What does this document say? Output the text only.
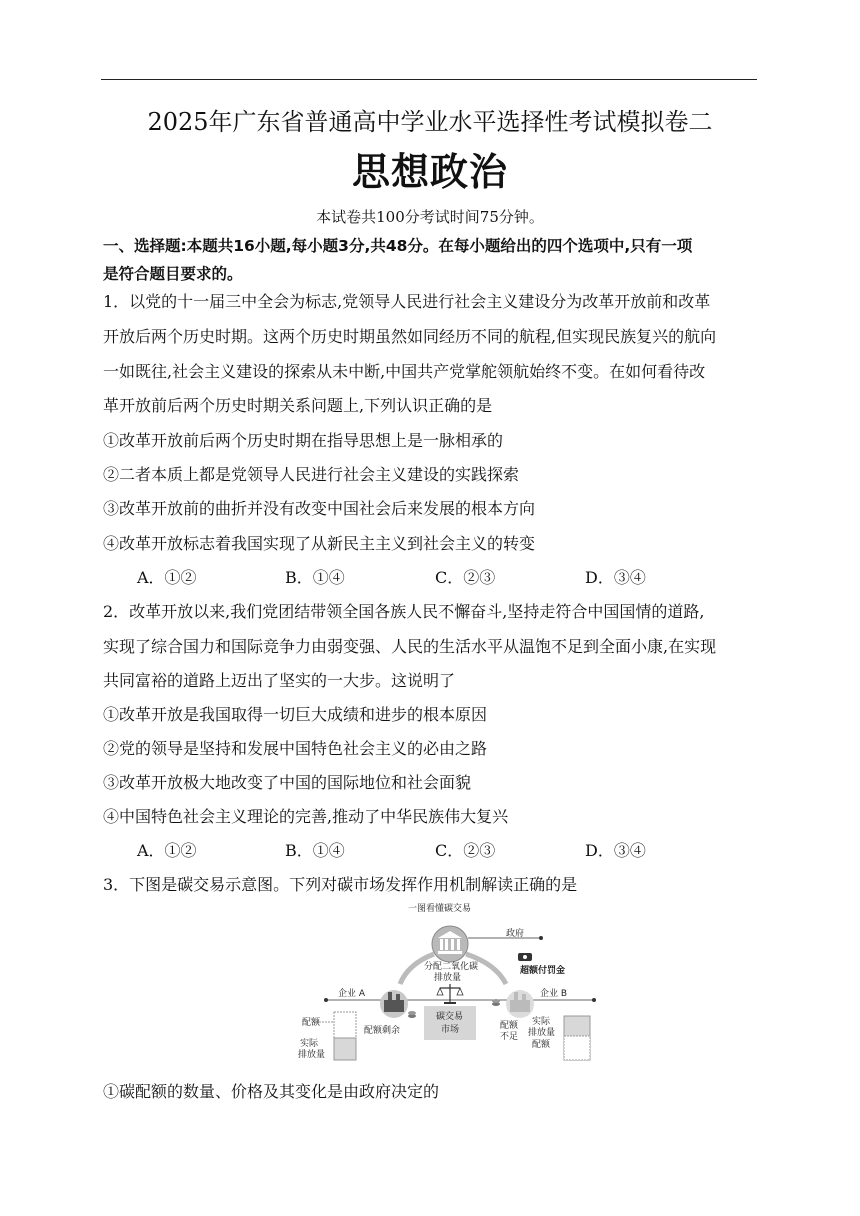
2025年广东省普通高中学业水平选择性考试模拟卷二
思想政治
本试卷共100分考试时间75分钟。
一、选择题:本题共16小题,每小题3分,共48分。在每小题给出的四个选项中,只有一项
是符合题目要求的。
1．以党的十一届三中全会为标志,党领导人民进行社会主义建设分为改革开放前和改革
开放后两个历史时期。这两个历史时期虽然如同经历不同的航程,但实现民族复兴的航向
一如既往,社会主义建设的探索从未中断,中国共产党掌舵领航始终不变。在如何看待改
革开放前后两个历史时期关系问题上,下列认识正确的是
①改革开放前后两个历史时期在指导思想上是一脉相承的
②二者本质上都是党领导人民进行社会主义建设的实践探索
③改革开放前的曲折并没有改变中国社会后来发展的根本方向
④改革开放标志着我国实现了从新民主主义到社会主义的转变
A．①②	B．①④	C．②③	D．③④
2．改革开放以来,我们党团结带领全国各族人民不懈奋斗,坚持走符合中国国情的道路,
实现了综合国力和国际竞争力由弱变强、人民的生活水平从温饱不足到全面小康,在实现
共同富裕的道路上迈出了坚实的一大步。这说明了
①改革开放是我国取得一切巨大成绩和进步的根本原因
②党的领导是坚持和发展中国特色社会主义的必由之路
③改革开放极大地改变了中国的国际地位和社会面貌
④中国特色社会主义理论的完善,推动了中华民族伟大复兴
A．①②	B．①④	C．②③	D．③④
3．下图是碳交易示意图。下列对碳市场发挥作用机制解读正确的是
一图看懂碳交易
政府
分配二氧化碳
排放量
超额付罚金
企业 A	企业 B
配额
实际
排放量
配额剩余
碳交易
市场	配额
不足
实际
排放量
配额
①碳配额的数量、价格及其变化是由政府决定的
